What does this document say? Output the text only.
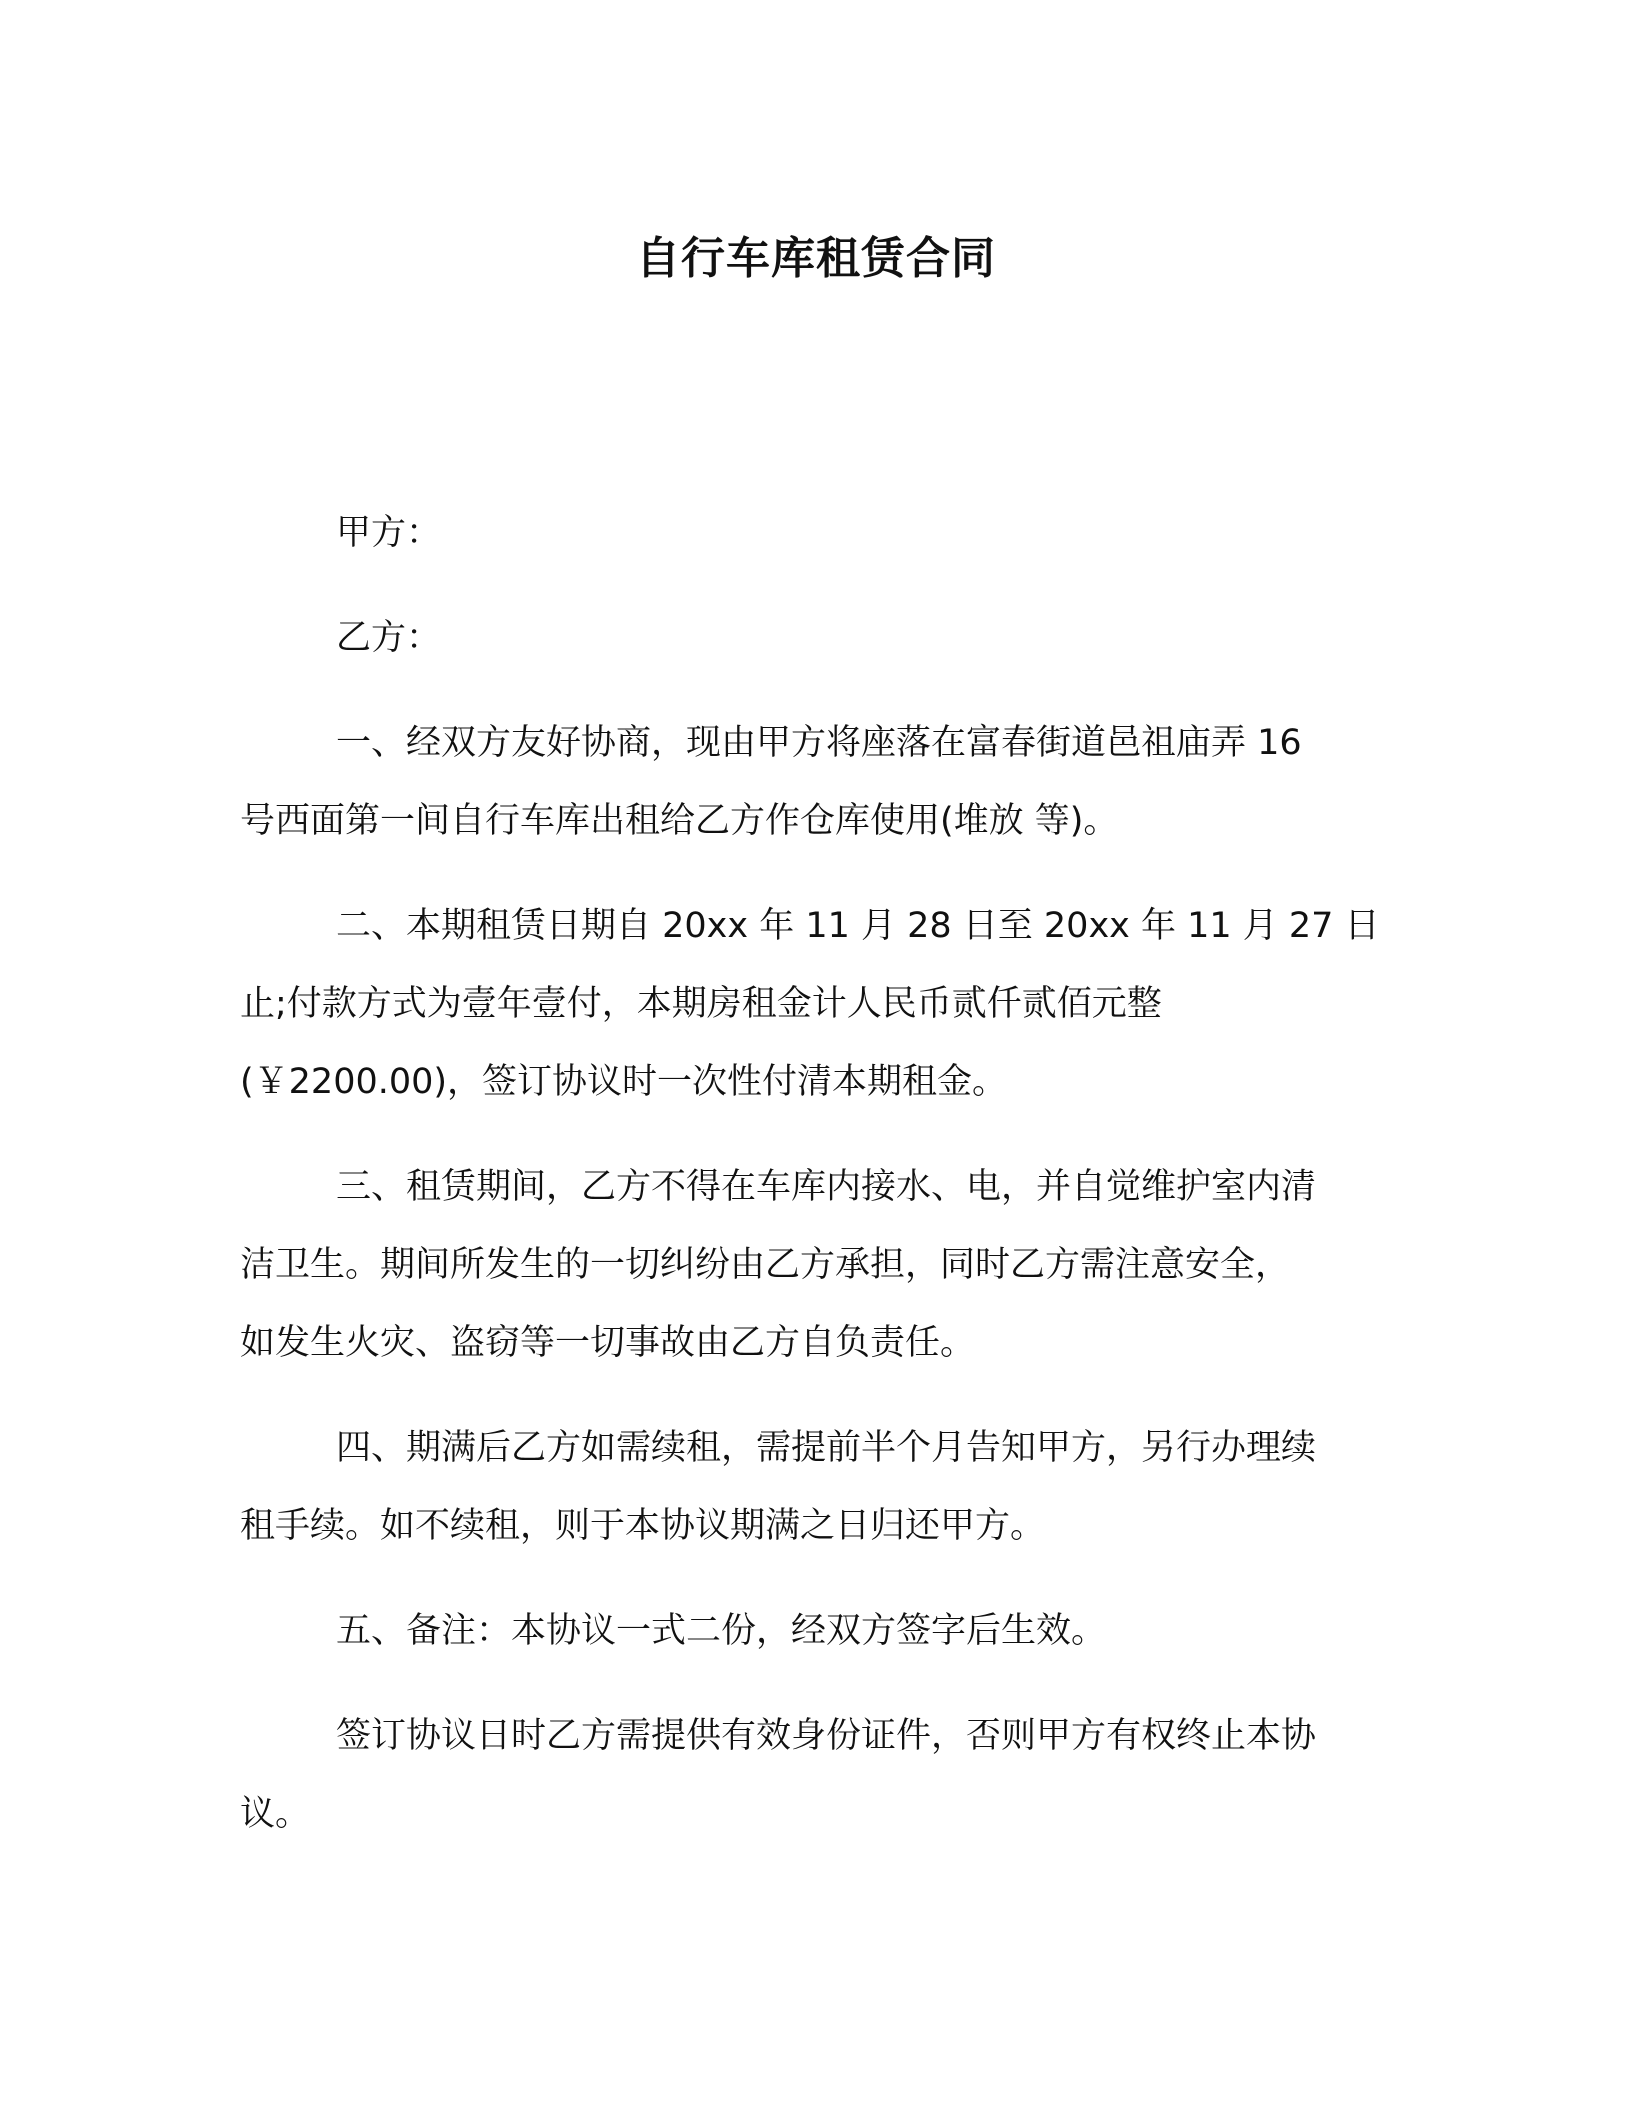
自行车库租赁合同

甲方：

乙方：

一、经双方友好协商，现由甲方将座落在富春街道邑祖庙弄 16
号西面第一间自行车库出租给乙方作仓库使用(堆放 等)。

二、本期租赁日期自 20xx 年 11 月 28 日至 20xx 年 11 月 27 日
止;付款方式为壹年壹付，本期房租金计人民币贰仟贰佰元整
(￥2200.00)，签订协议时一次性付清本期租金。

三、租赁期间，乙方不得在车库内接水、电，并自觉维护室内清
洁卫生。期间所发生的一切纠纷由乙方承担，同时乙方需注意安全，
如发生火灾、盗窃等一切事故由乙方自负责任。

四、期满后乙方如需续租，需提前半个月告知甲方，另行办理续
租手续。如不续租，则于本协议期满之日归还甲方。

五、备注：本协议一式二份，经双方签字后生效。

签订协议日时乙方需提供有效身份证件，否则甲方有权终止本协
议。
